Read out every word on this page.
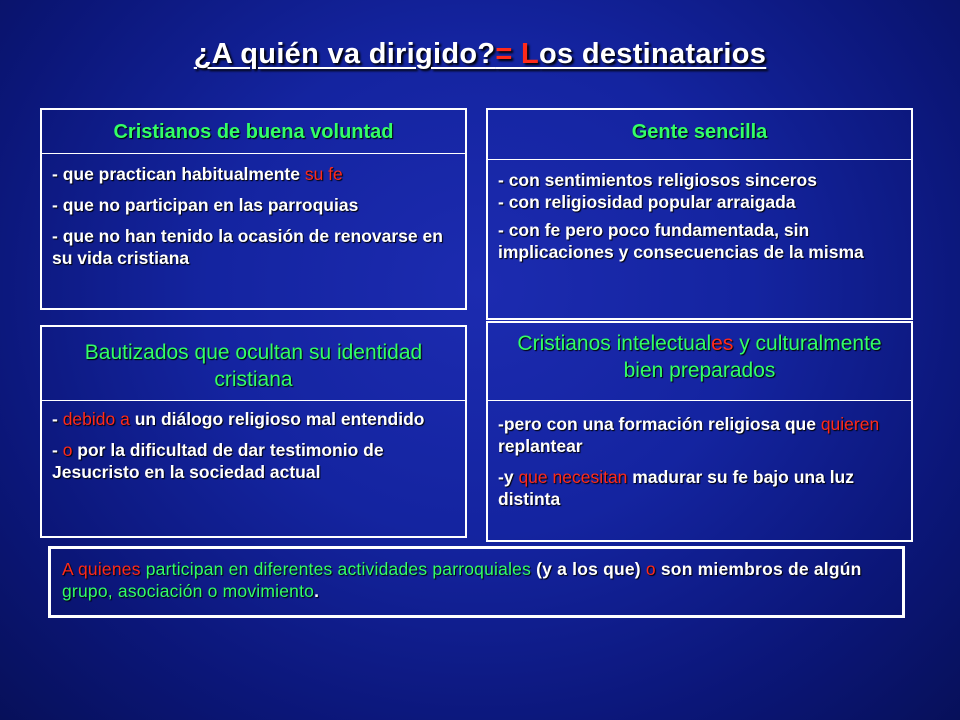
¿A quién va dirigido?= Los destinatarios
Cristianos de buena voluntad
- que practican habitualmente su fe
- que no participan en las parroquias
- que no han tenido la ocasión de renovarse en su vida cristiana
Gente sencilla
- con sentimientos religiosos sinceros
- con religiosidad popular arraigada
- con fe pero poco fundamentada, sin implicaciones y consecuencias de la misma
Bautizados que ocultan su identidad cristiana
- debido a un diálogo religioso mal entendido
- o por la dificultad de dar testimonio de Jesucristo en la sociedad actual
Cristianos intelectuales y culturalmente bien preparados
-pero con una formación religiosa que quieren replantear
-y que necesitan madurar su fe bajo una luz distinta
A quienes participan en diferentes actividades parroquiales (y a los que) o son miembros de algún grupo, asociación o movimiento.
